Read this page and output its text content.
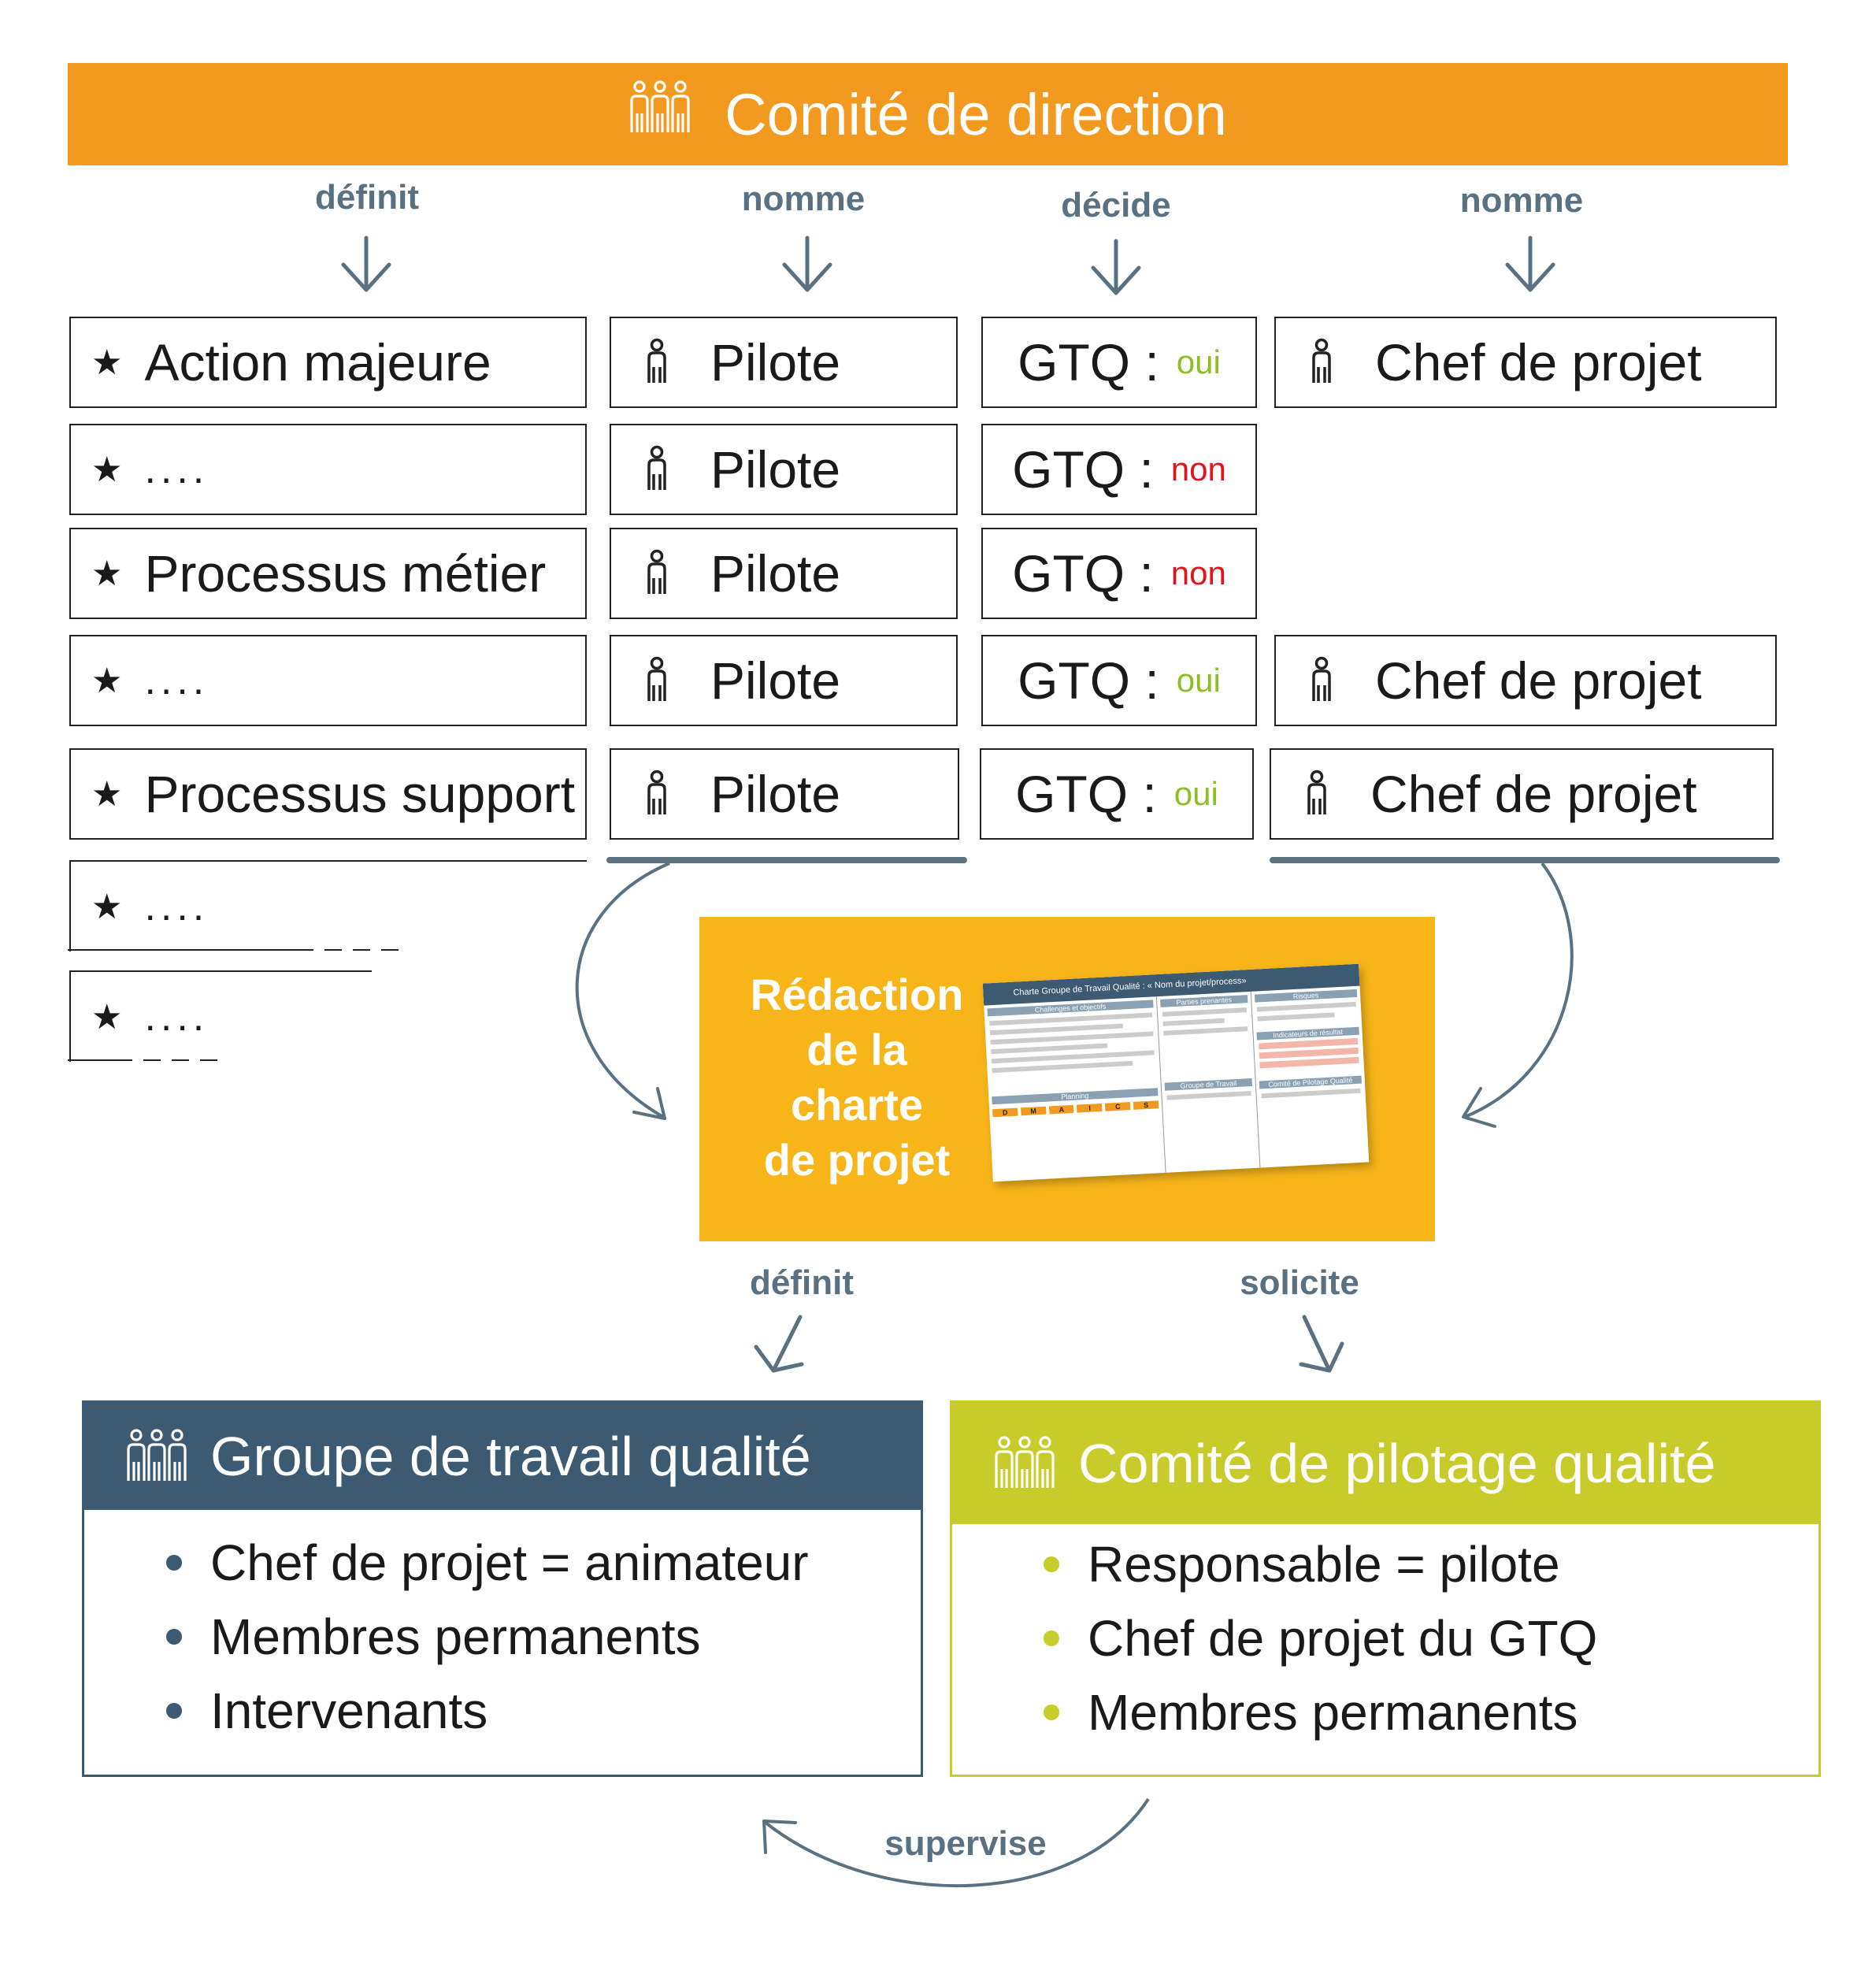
Comité de direction
définit	nomme	décide	nomme
★ Action majeure	Pilote	GTQ : oui	Chef de projet
★ ....	Pilote	GTQ : non
★ Processus métier	Pilote	GTQ : non
★ ....	Pilote	GTQ : oui	Chef de projet
★ Processus support	Pilote	GTQ : oui	Chef de projet
★ ....
★ ....	Rédaction
de la
charte
de projet
Charte Groupe de Travail Qualité : « Nom du projet/process»
Challenges et objectifs
Planning
D	M	A	I	C	S
Parties prenantes
Groupe de Travail
Risques
Indicateurs de résultat
Comité de Pilotage Qualité
définit	solicite
supervise
Groupe de travail qualité
Chef de projet = animateur
Membres permanents
Intervenants
Comité de pilotage qualité
Responsable = pilote
Chef de projet du GTQ
Membres permanents
